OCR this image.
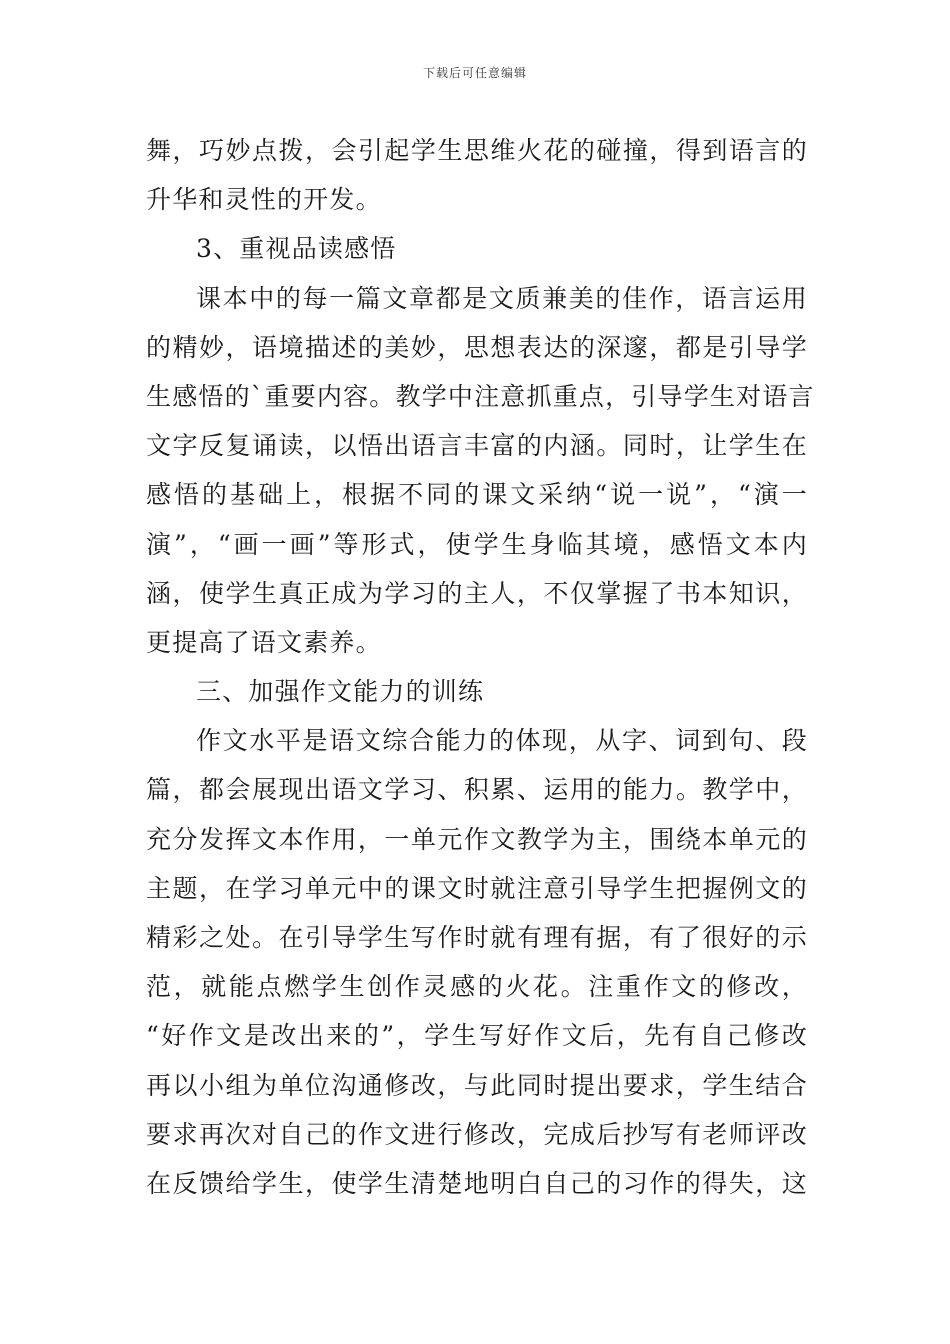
下载后可任意编辑
舞，巧妙点拨，会引起学生思维火花的碰撞，得到语言的
升华和灵性的开发。
3、重视品读感悟
课本中的每一篇文章都是文质兼美的佳作，语言运用
的精妙，语境描述的美妙，思想表达的深邃，都是引导学
生感悟的`重要内容。教学中注意抓重点，引导学生对语言
文字反复诵读，以悟出语言丰富的内涵。同时，让学生在
感悟的基础上，根据不同的课文采纳“说一说”，“演一
演”，“画一画”等形式，使学生身临其境，感悟文本内
涵，使学生真正成为学习的主人，不仅掌握了书本知识，
更提高了语文素养。
三、加强作文能力的训练
作文水平是语文综合能力的体现，从字、词到句、段
篇，都会展现出语文学习、积累、运用的能力。教学中，
充分发挥文本作用，一单元作文教学为主，围绕本单元的
主题，在学习单元中的课文时就注意引导学生把握例文的
精彩之处。在引导学生写作时就有理有据，有了很好的示
范，就能点燃学生创作灵感的火花。注重作文的修改，
“好作文是改出来的”，学生写好作文后，先有自己修改
再以小组为单位沟通修改，与此同时提出要求，学生结合
要求再次对自己的作文进行修改，完成后抄写有老师评改
在反馈给学生，使学生清楚地明白自己的习作的得失，这
